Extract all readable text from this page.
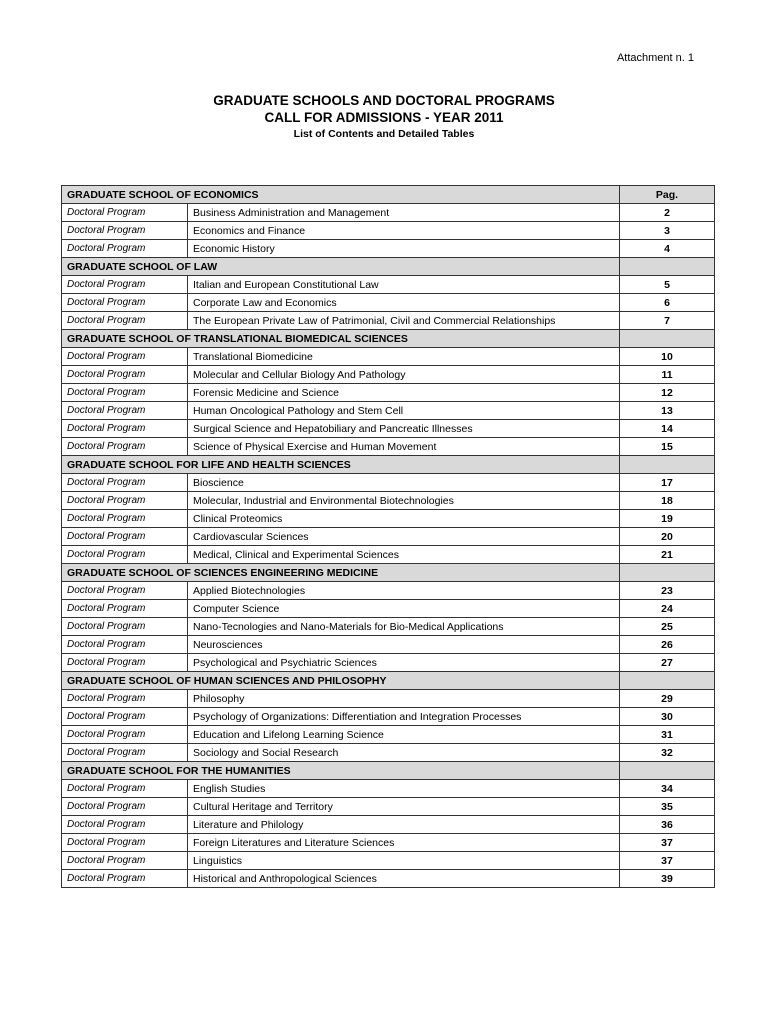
Attachment n. 1
GRADUATE SCHOOLS AND DOCTORAL PROGRAMS
CALL FOR ADMISSIONS - YEAR 2011
List of Contents and Detailed Tables
GRADUATE SCHOOL OF ECONOMICS		Pag.
Doctoral Program	Business Administration and Management	2
Doctoral Program	Economics and Finance	3
Doctoral Program	Economic History	4
GRADUATE SCHOOL OF LAW		
Doctoral Program	Italian and European Constitutional Law	5
Doctoral Program	Corporate Law and Economics	6
Doctoral Program	The European Private Law of Patrimonial, Civil and Commercial Relationships	7
GRADUATE SCHOOL OF TRANSLATIONAL BIOMEDICAL SCIENCES		
Doctoral Program	Translational Biomedicine	10
Doctoral Program	Molecular and Cellular Biology And Pathology	11
Doctoral Program	Forensic Medicine and Science	12
Doctoral Program	Human Oncological Pathology and Stem Cell	13
Doctoral Program	Surgical Science and Hepatobiliary and Pancreatic Illnesses	14
Doctoral Program	Science of Physical Exercise and Human Movement	15
GRADUATE SCHOOL FOR LIFE AND HEALTH SCIENCES		
Doctoral Program	Bioscience	17
Doctoral Program	Molecular, Industrial and Environmental Biotechnologies	18
Doctoral Program	Clinical Proteomics	19
Doctoral Program	Cardiovascular Sciences	20
Doctoral Program	Medical, Clinical and Experimental Sciences	21
GRADUATE SCHOOL OF SCIENCES ENGINEERING MEDICINE		
Doctoral Program	Applied Biotechnologies	23
Doctoral Program	Computer Science	24
Doctoral Program	Nano-Tecnologies and Nano-Materials for Bio-Medical Applications	25
Doctoral Program	Neurosciences	26
Doctoral Program	Psychological and Psychiatric Sciences	27
GRADUATE SCHOOL OF HUMAN SCIENCES AND PHILOSOPHY		
Doctoral Program	Philosophy	29
Doctoral Program	Psychology of Organizations: Differentiation and Integration Processes	30
Doctoral Program	Education and Lifelong Learning Science	31
Doctoral Program	Sociology and Social Research	32
GRADUATE SCHOOL FOR THE HUMANITIES		
Doctoral Program	English Studies	34
Doctoral Program	Cultural Heritage and Territory	35
Doctoral Program	Literature and Philology	36
Doctoral Program	Foreign Literatures and Literature Sciences	37
Doctoral Program	Linguistics	37
Doctoral Program	Historical and Anthropological Sciences	39
